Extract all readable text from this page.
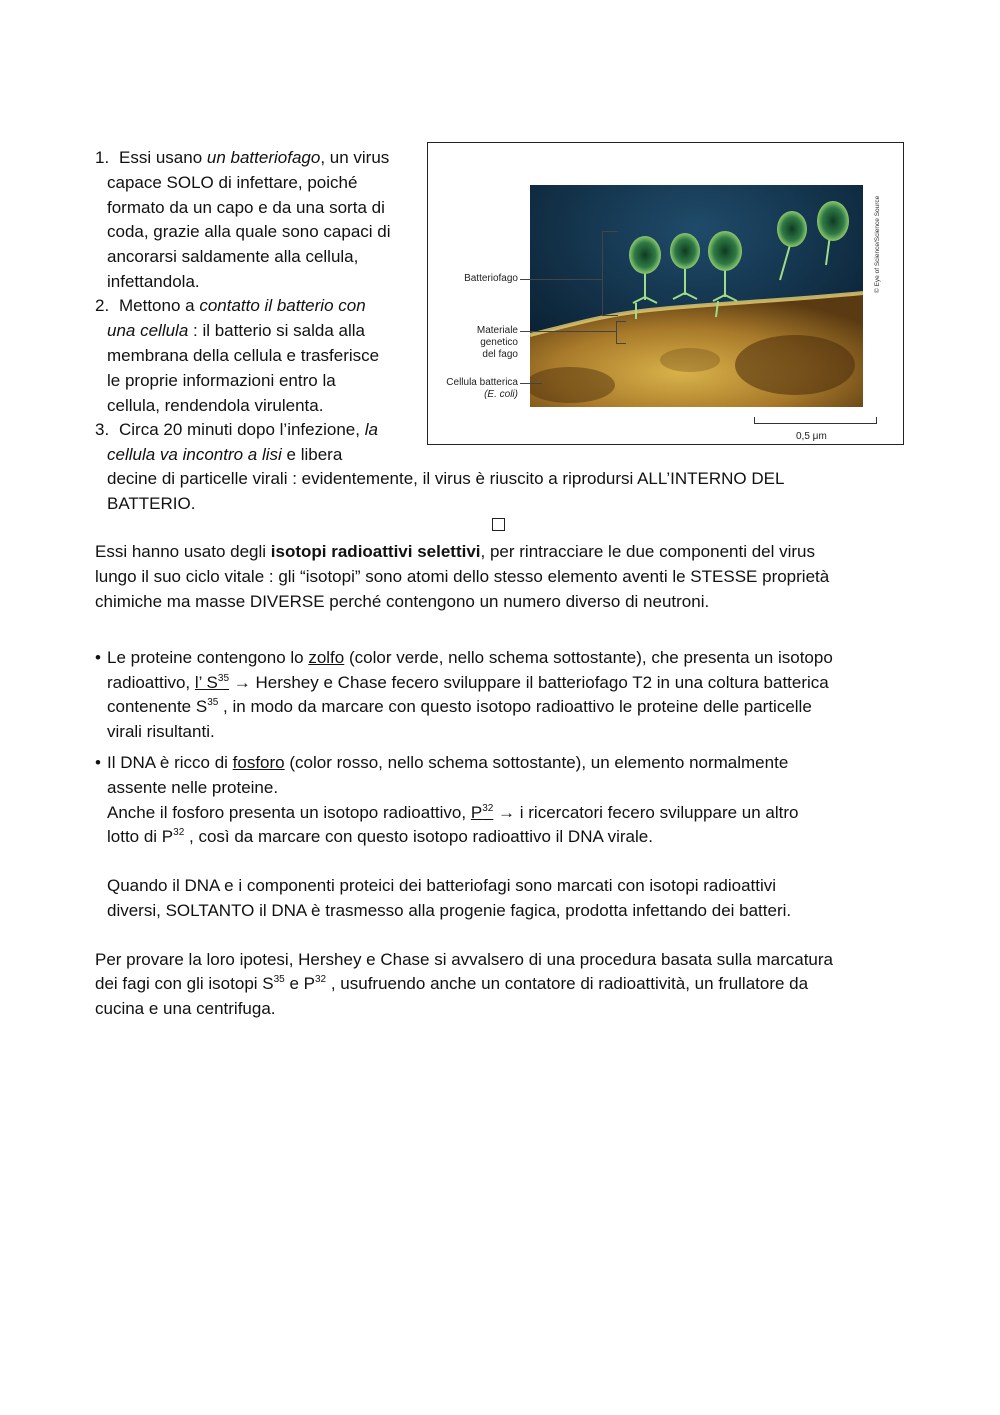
1. Essi usano un batteriofago, un virus
capace SOLO di infettare, poiché
formato da un capo e da una sorta di
coda, grazie alla quale sono capaci di
ancorarsi saldamente alla cellula,
infettandola.
2. Mettono a contatto il batterio con
una cellula : il batterio si salda alla
membrana della cellula e trasferisce
le proprie informazioni entro la
cellula, rendendola virulenta.
3. Circa 20 minuti dopo l’infezione, la
cellula va incontro a lisi e libera
decine di particelle virali : evidentemente, il virus è riuscito a riprodursi ALL’INTERNO DEL
BATTERIO.
Batteriofago
Materiale
genetico
del fago
Cellula batterica
(E. coli)
© Eye of Science/Science Source
0,5 μm
Essi hanno usato degli isotopi radioattivi selettivi, per rintracciare le due componenti del virus
lungo il suo ciclo vitale : gli “isotopi” sono atomi dello stesso elemento aventi le STESSE proprietà
chimiche ma masse DIVERSE perché contengono un numero diverso di neutroni.
• Le proteine contengono lo zolfo (color verde, nello schema sottostante), che presenta un isotopo
radioattivo, l’ $S^{35}$ → Hershey e Chase fecero sviluppare il batteriofago T2 in una coltura batterica
contenente $S^{35}$ , in modo da marcare con questo isotopo radioattivo le proteine delle particelle
virali risultanti.
• Il DNA è ricco di fosforo (color rosso, nello schema sottostante), un elemento normalmente
assente nelle proteine.
Anche il fosforo presenta un isotopo radioattivo, $P^{32} \to i$ ricercatori fecero sviluppare un altro
lotto di $P^{32}$ , così da marcare con questo isotopo radioattivo il DNA virale.
Quando il DNA e i componenti proteici dei batteriofagi sono marcati con isotopi radioattivi
diversi, SOLTANTO il DNA è trasmesso alla progenie fagica, prodotta infettando dei batteri.
Per provare la loro ipotesi, Hershey e Chase si avvalsero di una procedura basata sulla marcatura
dei fagi con gli isotopi $S^{35}$ e $P^{32}$ , usufruendo anche un contatore di radioattività, un frullatore da
cucina e una centrifuga.
